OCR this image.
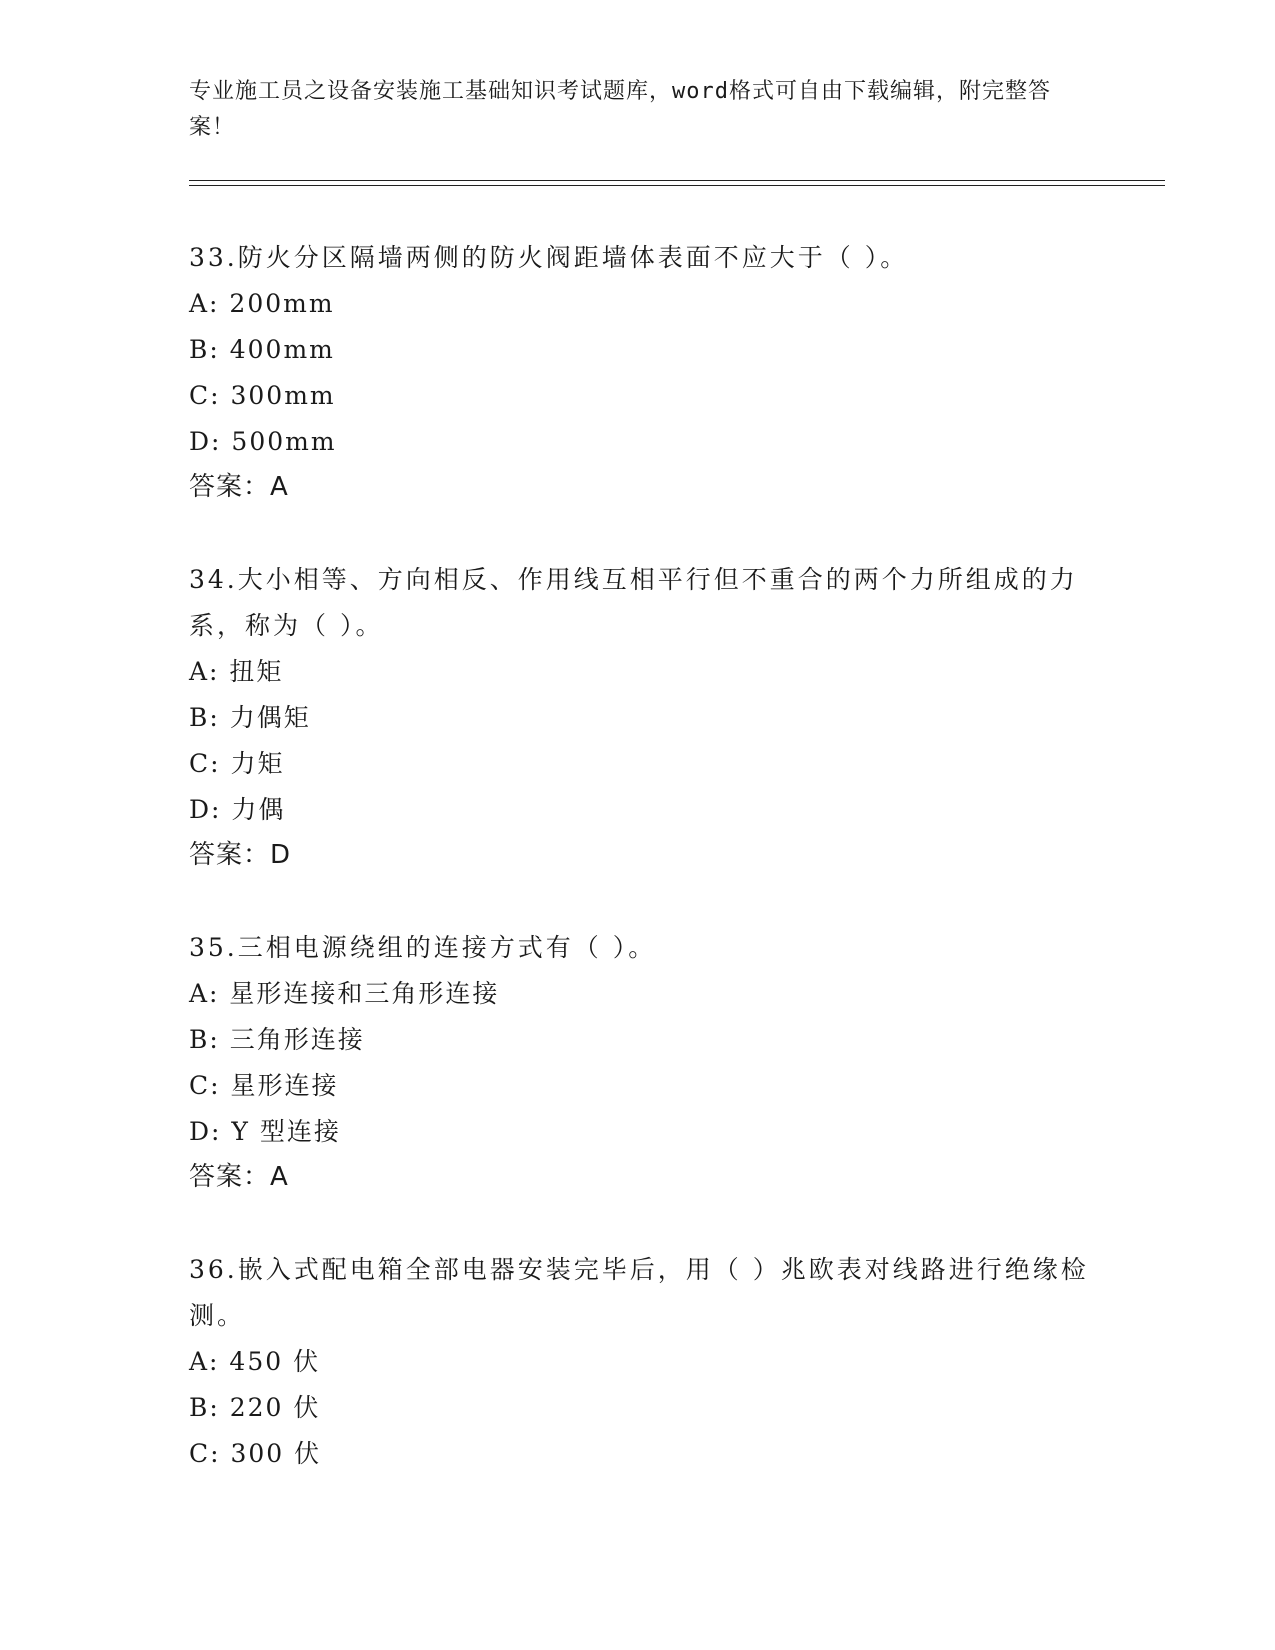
专业施工员之设备安装施工基础知识考试题库，word格式可自由下载编辑，附完整答案！

33.防火分区隔墙两侧的防火阀距墙体表面不应大于（ ）。

A: 200mm

B: 400mm

C: 300mm

D: 500mm

答案：A

34.大小相等、方向相反、作用线互相平行但不重合的两个力所组成的力系，称为（ ）。

A: 扭矩

B: 力偶矩

C: 力矩

D: 力偶

答案：D

35.三相电源绕组的连接方式有（ ）。

A: 星形连接和三角形连接

B: 三角形连接

C: 星形连接

D: Y 型连接

答案：A

36.嵌入式配电箱全部电器安装完毕后，用（ ）兆欧表对线路进行绝缘检测。

A: 450 伏

B: 220 伏

C: 300 伏
